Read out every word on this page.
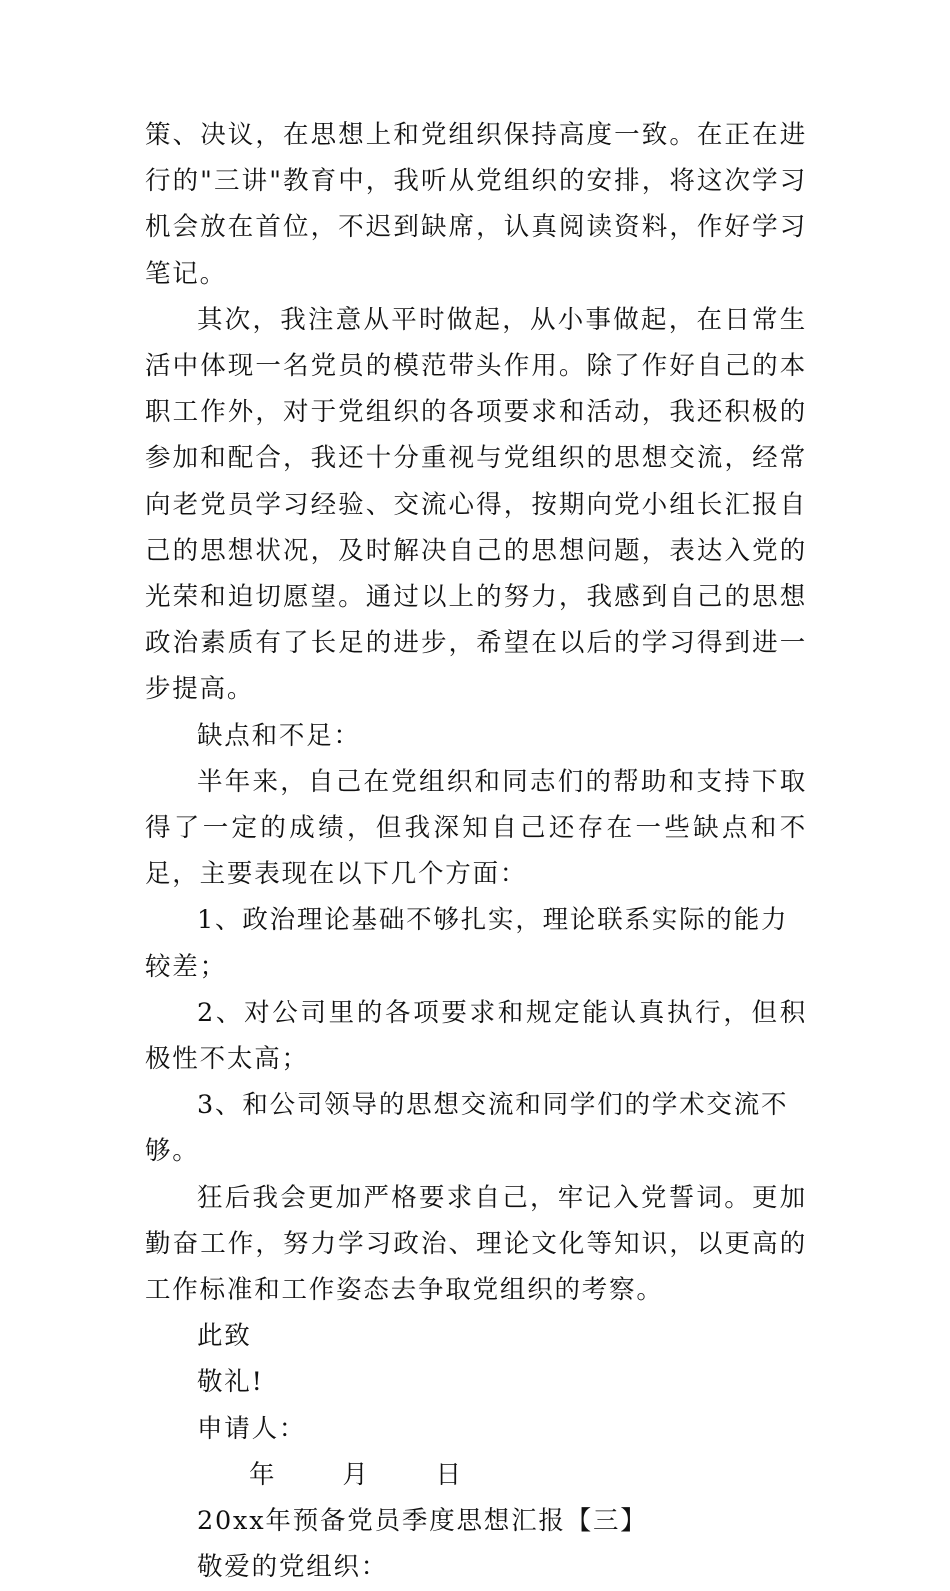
策、决议，在思想上和党组织保持高度一致。在正在进行的"三讲"教育中，我听从党组织的安排，将这次学习机会放在首位，不迟到缺席，认真阅读资料，作好学习笔记。

其次，我注意从平时做起，从小事做起，在日常生活中体现一名党员的模范带头作用。除了作好自己的本职工作外，对于党组织的各项要求和活动，我还积极的参加和配合，我还十分重视与党组织的思想交流，经常向老党员学习经验、交流心得，按期向党小组长汇报自己的思想状况，及时解决自己的思想问题，表达入党的光荣和迫切愿望。通过以上的努力，我感到自己的思想政治素质有了长足的进步，希望在以后的学习得到进一步提高。

缺点和不足：

半年来，自己在党组织和同志们的帮助和支持下取得了一定的成绩，但我深知自己还存在一些缺点和不足，主要表现在以下几个方面：

1、政治理论基础不够扎实，理论联系实际的能力较差；

2、对公司里的各项要求和规定能认真执行，但积极性不太高；

3、和公司领导的思想交流和同学们的学术交流不够。

狂后我会更加严格要求自己，牢记入党誓词。更加勤奋工作，努力学习政治、理论文化等知识，以更高的工作标准和工作姿态去争取党组织的考察。

此致

敬礼!

申请人：

年	月	日

20xx年预备党员季度思想汇报【三】

敬爱的党组织：
